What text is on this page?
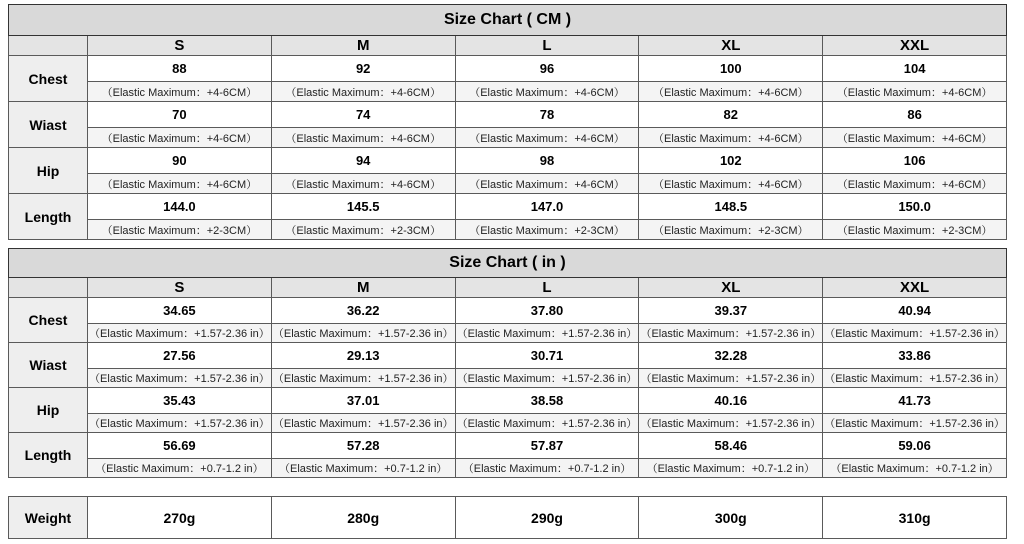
Size Chart ( CM )					
	S	M	L	XL	XXL
Chest	88	92	96	100	104
	（Elastic Maximum：+4-6CM）	（Elastic Maximum：+4-6CM）	（Elastic Maximum：+4-6CM）	（Elastic Maximum：+4-6CM）	（Elastic Maximum：+4-6CM）
Wiast	70	74	78	82	86
	（Elastic Maximum：+4-6CM）	（Elastic Maximum：+4-6CM）	（Elastic Maximum：+4-6CM）	（Elastic Maximum：+4-6CM）	（Elastic Maximum：+4-6CM）
Hip	90	94	98	102	106
	（Elastic Maximum：+4-6CM）	（Elastic Maximum：+4-6CM）	（Elastic Maximum：+4-6CM）	（Elastic Maximum：+4-6CM）	（Elastic Maximum：+4-6CM）
Length	144.0	145.5	147.0	148.5	150.0
	（Elastic Maximum：+2-3CM）	（Elastic Maximum：+2-3CM）	（Elastic Maximum：+2-3CM）	（Elastic Maximum：+2-3CM）	（Elastic Maximum：+2-3CM）
Size Chart ( in )					
	S	M	L	XL	XXL
Chest	34.65	36.22	37.80	39.37	40.94
	（Elastic Maximum：+1.57-2.36 in）	（Elastic Maximum：+1.57-2.36 in）	（Elastic Maximum：+1.57-2.36 in）	（Elastic Maximum：+1.57-2.36 in）	（Elastic Maximum：+1.57-2.36 in）
Wiast	27.56	29.13	30.71	32.28	33.86
	（Elastic Maximum：+1.57-2.36 in）	（Elastic Maximum：+1.57-2.36 in）	（Elastic Maximum：+1.57-2.36 in）	（Elastic Maximum：+1.57-2.36 in）	（Elastic Maximum：+1.57-2.36 in）
Hip	35.43	37.01	38.58	40.16	41.73
	（Elastic Maximum：+1.57-2.36 in）	（Elastic Maximum：+1.57-2.36 in）	（Elastic Maximum：+1.57-2.36 in）	（Elastic Maximum：+1.57-2.36 in）	（Elastic Maximum：+1.57-2.36 in）
Length	56.69	57.28	57.87	58.46	59.06
	（Elastic Maximum：+0.7-1.2 in）	（Elastic Maximum：+0.7-1.2 in）	（Elastic Maximum：+0.7-1.2 in）	（Elastic Maximum：+0.7-1.2 in）	（Elastic Maximum：+0.7-1.2 in）
Weight	270g	280g	290g	300g	310g
